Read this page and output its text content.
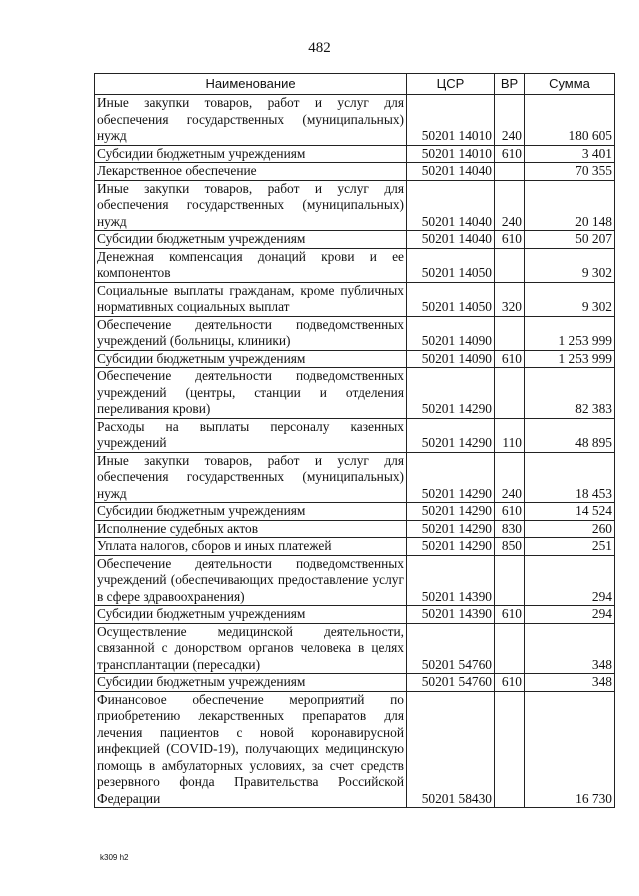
482
Наименование	ЦСР	ВР	Сумма
Иные закупки товаров, работ и услуг для обеспечения государственных (муниципальных) нужд	50201 14010	240	180 605
Субсидии бюджетным учреждениям	50201 14010	610	3 401
Лекарственное обеспечение	50201 14040		70 355
Иные закупки товаров, работ и услуг для обеспечения государственных (муниципальных) нужд	50201 14040	240	20 148
Субсидии бюджетным учреждениям	50201 14040	610	50 207
Денежная компенсация донаций крови и ее компонентов	50201 14050		9 302
Социальные выплаты гражданам, кроме публичных нормативных социальных выплат	50201 14050	320	9 302
Обеспечение деятельности подведомственных учреждений (больницы, клиники)	50201 14090		1 253 999
Субсидии бюджетным учреждениям	50201 14090	610	1 253 999
Обеспечение деятельности подведомственных учреждений (центры, станции и отделения переливания крови)	50201 14290		82 383
Расходы на выплаты персоналу казенных учреждений	50201 14290	110	48 895
Иные закупки товаров, работ и услуг для обеспечения государственных (муниципальных) нужд	50201 14290	240	18 453
Субсидии бюджетным учреждениям	50201 14290	610	14 524
Исполнение судебных актов	50201 14290	830	260
Уплата налогов, сборов и иных платежей	50201 14290	850	251
Обеспечение деятельности подведомственных учреждений (обеспечивающих предоставление услуг в сфере здравоохранения)	50201 14390		294
Субсидии бюджетным учреждениям	50201 14390	610	294
Осуществление медицинской деятельности, связанной с донорством органов человека в целях трансплантации (пересадки)	50201 54760		348
Субсидии бюджетным учреждениям	50201 54760	610	348
Финансовое обеспечение мероприятий по приобретению лекарственных препаратов для лечения пациентов с новой коронавирусной инфекцией (COVID-19), получающих медицинскую помощь в амбулаторных условиях, за счет средств резервного фонда Правительства Российской Федерации	50201 58430		16 730
k309 h2
